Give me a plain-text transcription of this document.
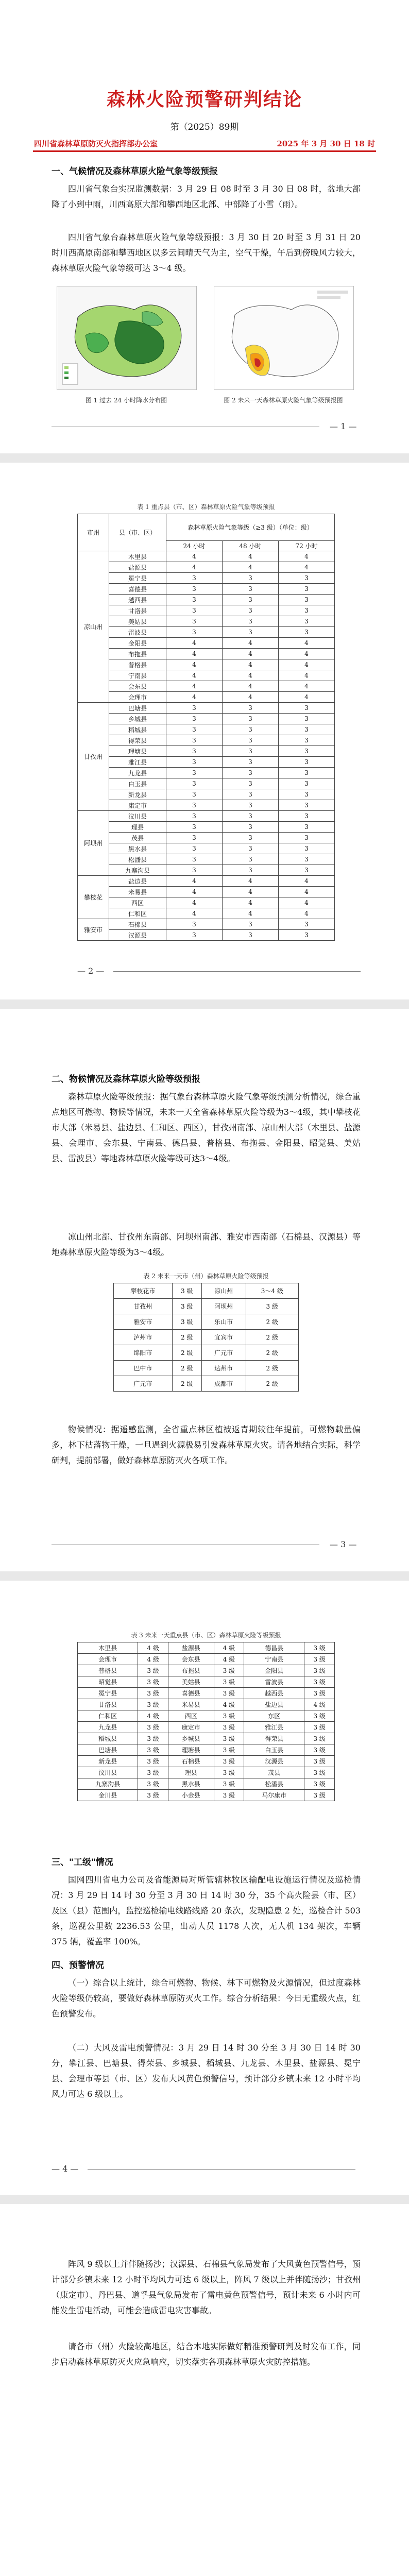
森林火险预警研判结论
第（2025）89期
四川省森林草原防灭火指挥部办公室	2025 年 3 月 30 日 18 时
一、气候情况及森林草原火险气象等级预报
四川省气象台实况监测数据：3 月 29 日 08 时至 3 月 30 日 08 时，盆地大部降了小到中雨，川西高原大部和攀西地区北部、中部降了小雪（雨）。
四川省气象台森林草原火险气象等级预报：3 月 30 日 20 时至 3 月 31 日 20 时川西高原南部和攀西地区以多云间晴天气为主，空气干燥，午后到傍晚风力较大，森林草原火险气象等级可达 3～4 级。
图 1 过去 24 小时降水分布图	图 2 未来一天森林草原火险气象等级预报图
— 1 —
表 1 重点县（市、区）森林草原火险气象等级预报
市州	县（市、区）	森林草原火险气象等级（≥3 级）（单位：级）		
		24 小时	48 小时	72 小时
凉山州	木里县	4	4	4
	盐源县	4	4	4
	冕宁县	3	3	3
	喜德县	3	3	3
	越西县	3	3	3
	甘洛县	3	3	3
	美姑县	3	3	3
	雷波县	3	3	3
	金阳县	4	4	4
	布拖县	4	4	4
	普格县	4	4	4
	宁南县	4	4	4
	会东县	4	4	4
	会理市	4	4	4
甘孜州	巴塘县	3	3	3
	乡城县	3	3	3
	稻城县	3	3	3
	得荣县	3	3	3
	理塘县	3	3	3
	雅江县	3	3	3
	九龙县	3	3	3
	白玉县	3	3	3
	新龙县	3	3	3
	康定市	3	3	3
阿坝州	汶川县	3	3	3
	理县	3	3	3
	茂县	3	3	3
	黑水县	3	3	3
	松潘县	3	3	3
	九寨沟县	3	3	3
攀枝花	盐边县	4	4	4
	米易县	4	4	4
	西区	4	4	4
	仁和区	4	4	4
雅安市	石棉县	3	3	3
	汉源县	3	3	3
— 2 —
二、物候情况及森林草原火险等级预报
森林草原火险等级预报：据气象台森林草原火险气象等级预测分析情况，综合重点地区可燃物、物候等情况，未来一天全省森林草原火险等级为3～4级，其中攀枝花市大部（米易县、盐边县、仁和区、西区），甘孜州南部、凉山州大部（木里县、盐源县、会理市、会东县、宁南县、德昌县、普格县、布拖县、金阳县、昭觉县、美姑县、雷波县）等地森林草原火险等级可达3～4级。
凉山州北部、甘孜州东南部、阿坝州南部、雅安市西南部（石棉县、汉源县）等地森林草原火险等级为3～4级。
表 2 未来一天市（州）森林草原火险等级预报
攀枝花市	3 级	凉山州	3～4 级
甘孜州	3 级	阿坝州	3 级
雅安市	3 级	乐山市	2 级
泸州市	2 级	宜宾市	2 级
绵阳市	2 级	广元市	2 级
巴中市	2 级	达州市	2 级
广元市	2 级	成都市	2 级
物候情况：据遥感监测，全省重点林区植被返青期较往年提前，可燃物载量偏多，林下枯落物干燥，一旦遇到火源极易引发森林草原火灾。请各地结合实际，科学研判，提前部署，做好森林草原防灭火各项工作。
— 3 —
表 3 未来一天重点县（市、区）森林草原火险等级预报
木里县	4 级	盐源县	4 级	德昌县	3 级
会理市	4 级	会东县	4 级	宁南县	3 级
普格县	3 级	布拖县	3 级	金阳县	3 级
昭觉县	3 级	美姑县	3 级	雷波县	3 级
冕宁县	3 级	喜德县	3 级	越西县	3 级
甘洛县	3 级	米易县	4 级	盐边县	4 级
仁和区	4 级	西区	3 级	东区	3 级
九龙县	3 级	康定市	3 级	雅江县	3 级
稻城县	3 级	乡城县	3 级	得荣县	3 级
巴塘县	3 级	理塘县	3 级	白玉县	3 级
新龙县	3 级	石棉县	3 级	汉源县	3 级
汶川县	3 级	理县	3 级	茂县	3 级
九寨沟县	3 级	黑水县	3 级	松潘县	3 级
金川县	3 级	小金县	3 级	马尔康市	3 级
三、"工级"情况
国网四川省电力公司及省能源局对所管辖林牧区输配电设施运行情况及巡检情况：3 月 29 日 14 时 30 分至 3 月 30 日 14 时 30 分，35 个高火险县（市、区）及区（县）范围内，监控巡检输电线路线路 20 条次，发现隐患 2 处，巡检合计 503 条，巡视公里数 2236.53 公里，出动人员 1178 人次，无人机 134 架次，车辆 375 辆，覆盖率 100%。
四、预警情况
（一）综合以上统计，综合可燃物、物候、林下可燃物及火源情况，但过度森林火险等级仍较高，要做好森林草原防灭火工作。综合分析结果：今日无重级火点，红色预警发布。
（二）大风及雷电预警情况：3 月 29 日 14 时 30 分至 3 月 30 日 14 时 30 分，攀江县、巴塘县、得荣县、乡城县、稻城县、九龙县、木里县、盐源县、冕宁县、会理市等县（市、区）发布大风黄色预警信号，预计部分乡镇未来 12 小时平均风力可达 6 级以上。
— 4 —
阵风 9 级以上并伴随扬沙；汉源县、石棉县气象局发布了大风黄色预警信号，预计部分乡镇未来 12 小时平均风力可达 6 级以上，阵风 7 级以上并伴随扬沙；甘孜州（康定市）、丹巴县、道孚县气象局发布了雷电黄色预警信号，预计未来 6 小时内可能发生雷电活动，可能会造成雷电灾害事故。
请各市（州）火险较高地区，结合本地实际做好精准预警研判及时发布工作，同步启动森林草原防灭火应急响应，切实落实各项森林草原火灾防控措施。
